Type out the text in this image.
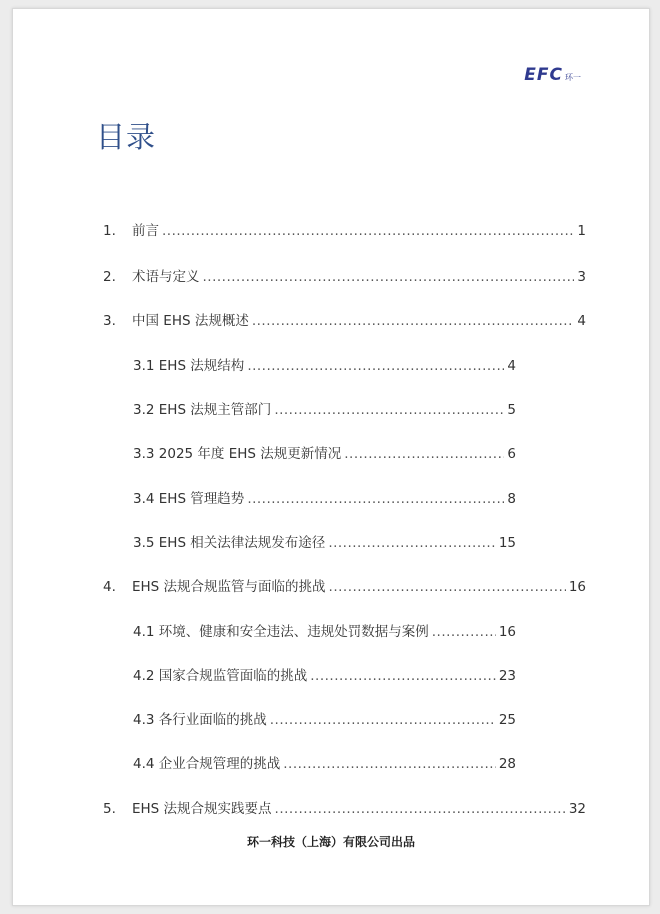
EFC 环一
目录
1.	前言 .....	1
2.	术语与定义 .....	3
3.	中国 EHS 法规概述 .....	4
3.1 EHS 法规结构 .....	4
3.2 EHS 法规主管部门 .....	5
3.3 2025 年度 EHS 法规更新情况 .....	6
3.4 EHS 管理趋势 .....	8
3.5 EHS 相关法律法规发布途径 .....	15
4.	EHS 法规合规监管与面临的挑战 .....	16
4.1 环境、健康和安全违法、违规处罚数据与案例 .....	16
4.2 国家合规监管面临的挑战 .....	23
4.3 各行业面临的挑战 .....	25
4.4 企业合规管理的挑战 .....	28
5.	EHS 法规合规实践要点 .....	32
环一科技（上海）有限公司出品
